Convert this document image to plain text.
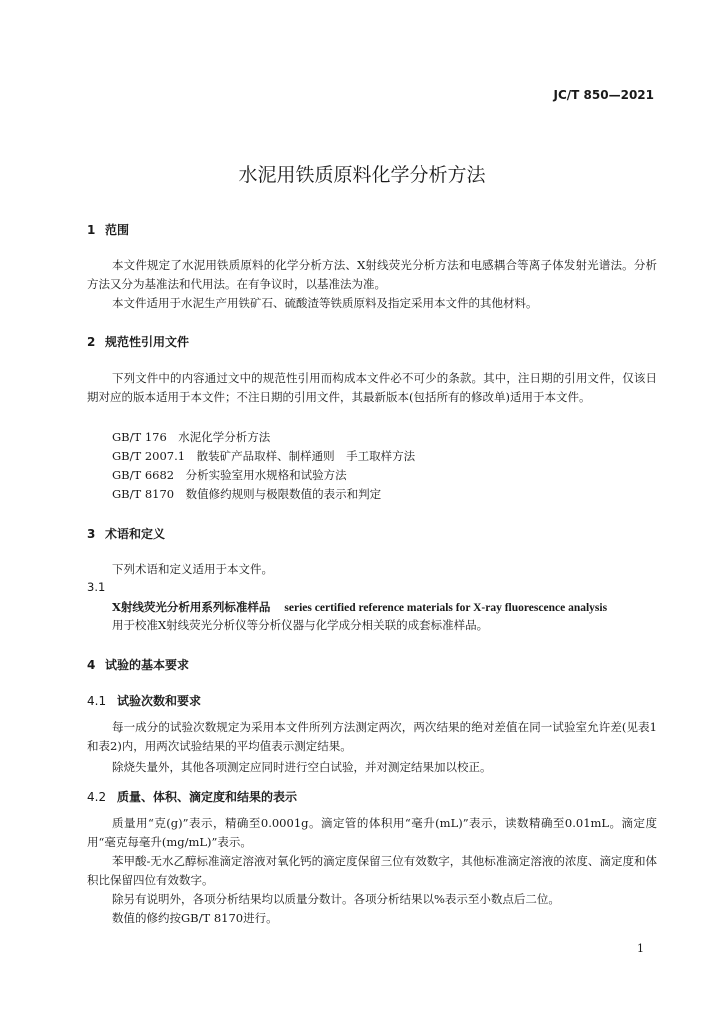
JC/T 850—2021
水泥用铁质原料化学分析方法
1 范围
本文件规定了水泥用铁质原料的化学分析方法、X射线荧光分析方法和电感耦合等离子体发射光谱法。分析方法又分为基准法和代用法。在有争议时，以基准法为准。
本文件适用于水泥生产用铁矿石、硫酸渣等铁质原料及指定采用本文件的其他材料。
2 规范性引用文件
下列文件中的内容通过文中的规范性引用而构成本文件必不可少的条款。其中，注日期的引用文件，仅该日期对应的版本适用于本文件；不注日期的引用文件，其最新版本(包括所有的修改单)适用于本文件。
GB/T 176　水泥化学分析方法
GB/T 2007.1　散装矿产品取样、制样通则　手工取样方法
GB/T 6682　分析实验室用水规格和试验方法
GB/T 8170　数值修约规则与极限数值的表示和判定
3 术语和定义
下列术语和定义适用于本文件。
3.1
X射线荧光分析用系列标准样品 series certified reference materials for X-ray fluorescence analysis
用于校准X射线荧光分析仪等分析仪器与化学成分相关联的成套标准样品。
4 试验的基本要求
4.1 试验次数和要求
每一成分的试验次数规定为采用本文件所列方法测定两次，两次结果的绝对差值在同一试验室允许差(见表1和表2)内，用两次试验结果的平均值表示测定结果。
除烧失量外，其他各项测定应同时进行空白试验，并对测定结果加以校正。
4.2 质量、体积、滴定度和结果的表示
质量用“克(g)”表示，精确至0.0001g。滴定管的体积用“毫升(mL)”表示，读数精确至0.01mL。滴定度用“毫克每毫升(mg/mL)”表示。
苯甲酸-无水乙醇标准滴定溶液对氧化钙的滴定度保留三位有效数字，其他标准滴定溶液的浓度、滴定度和体积比保留四位有效数字。
除另有说明外，各项分析结果均以质量分数计。各项分析结果以%表示至小数点后二位。
数值的修约按GB/T 8170进行。
1
